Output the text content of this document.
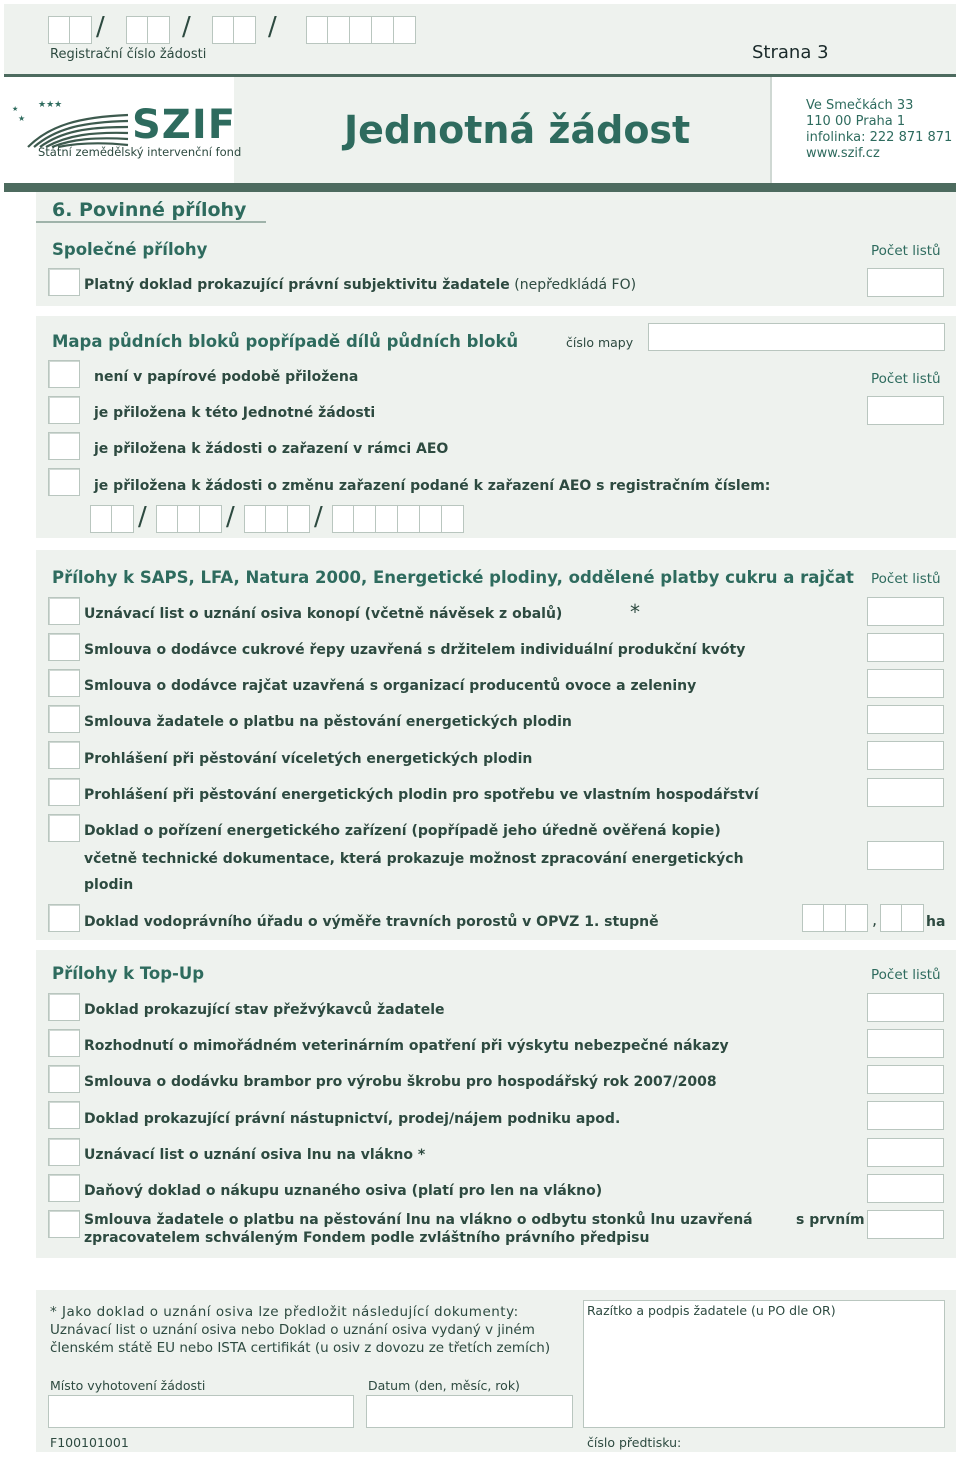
/	/	/
Registrační číslo žádosti	Strana 3
★★★
★
★	SZIF
Státní zemědělský intervenční fond	Jednotná žádost
Ve Smečkách 33
110 00 Praha 1
infolinka: 222 871 871
www.szif.cz
6. Povinné přílohy
Společné přílohy	Počet listů
Platný doklad prokazující právní subjektivitu žadatele (nepředkládá FO)
Mapa půdních bloků popřípadě dílů půdních bloků	číslo mapy
Počet listů
není v papírové podobě přiložena
je přiložena k této Jednotné žádosti
je přiložena k žádosti o zařazení v rámci AEO
je přiložena k žádosti o změnu zařazení podané k zařazení AEO s registračním číslem:
/	/	/
Přílohy k SAPS, LFA, Natura 2000, Energetické plodiny, oddělené platby cukru a rajčat Počet listů
Uznávací list o uznání osiva konopí (včetně návěsek z obalů)	*
Smlouva o dodávce cukrové řepy uzavřená s držitelem individuální produkční kvóty
Smlouva o dodávce rajčat uzavřená s organizací producentů ovoce a zeleniny
Smlouva žadatele o platbu na pěstování energetických plodin
Prohlášení při pěstování víceletých energetických plodin
Prohlášení při pěstování energetických plodin pro spotřebu ve vlastním hospodářství
Doklad o pořízení energetického zařízení (popřípadě jeho úředně ověřená kopie)
včetně technické dokumentace, která prokazuje možnost zpracování energetických
plodin
Doklad vodoprávního úřadu o výměře travních porostů v OPVZ 1. stupně	,	ha
Přílohy k Top-Up	Počet listů
Doklad prokazující stav přežvýkavců žadatele
Rozhodnutí o mimořádném veterinárním opatření při výskytu nebezpečné nákazy
Smlouva o dodávku brambor pro výrobu škrobu pro hospodářský rok 2007/2008
Doklad prokazující právní nástupnictví, prodej/nájem podniku apod.
Uznávací list o uznání osiva lnu na vlákno *
Daňový doklad o nákupu uznaného osiva (platí pro len na vlákno)
Smlouva žadatele o platbu na pěstování lnu na vlákno o odbytu stonků lnu uzavřená	s prvním
zpracovatelem schváleným Fondem podle zvláštního právního předpisu
* Jako doklad o uznání osiva lze předložit následující dokumenty:
Uznávací list o uznání osiva nebo Doklad o uznání osiva vydaný v jiném
členském státě EU nebo ISTA certifikát (u osiv z dovozu ze třetích zemích)
Razítko a podpis žadatele (u PO dle OR)
Místo vyhotovení žádosti	Datum (den, měsíc, rok)
F100101001	číslo předtisku:
